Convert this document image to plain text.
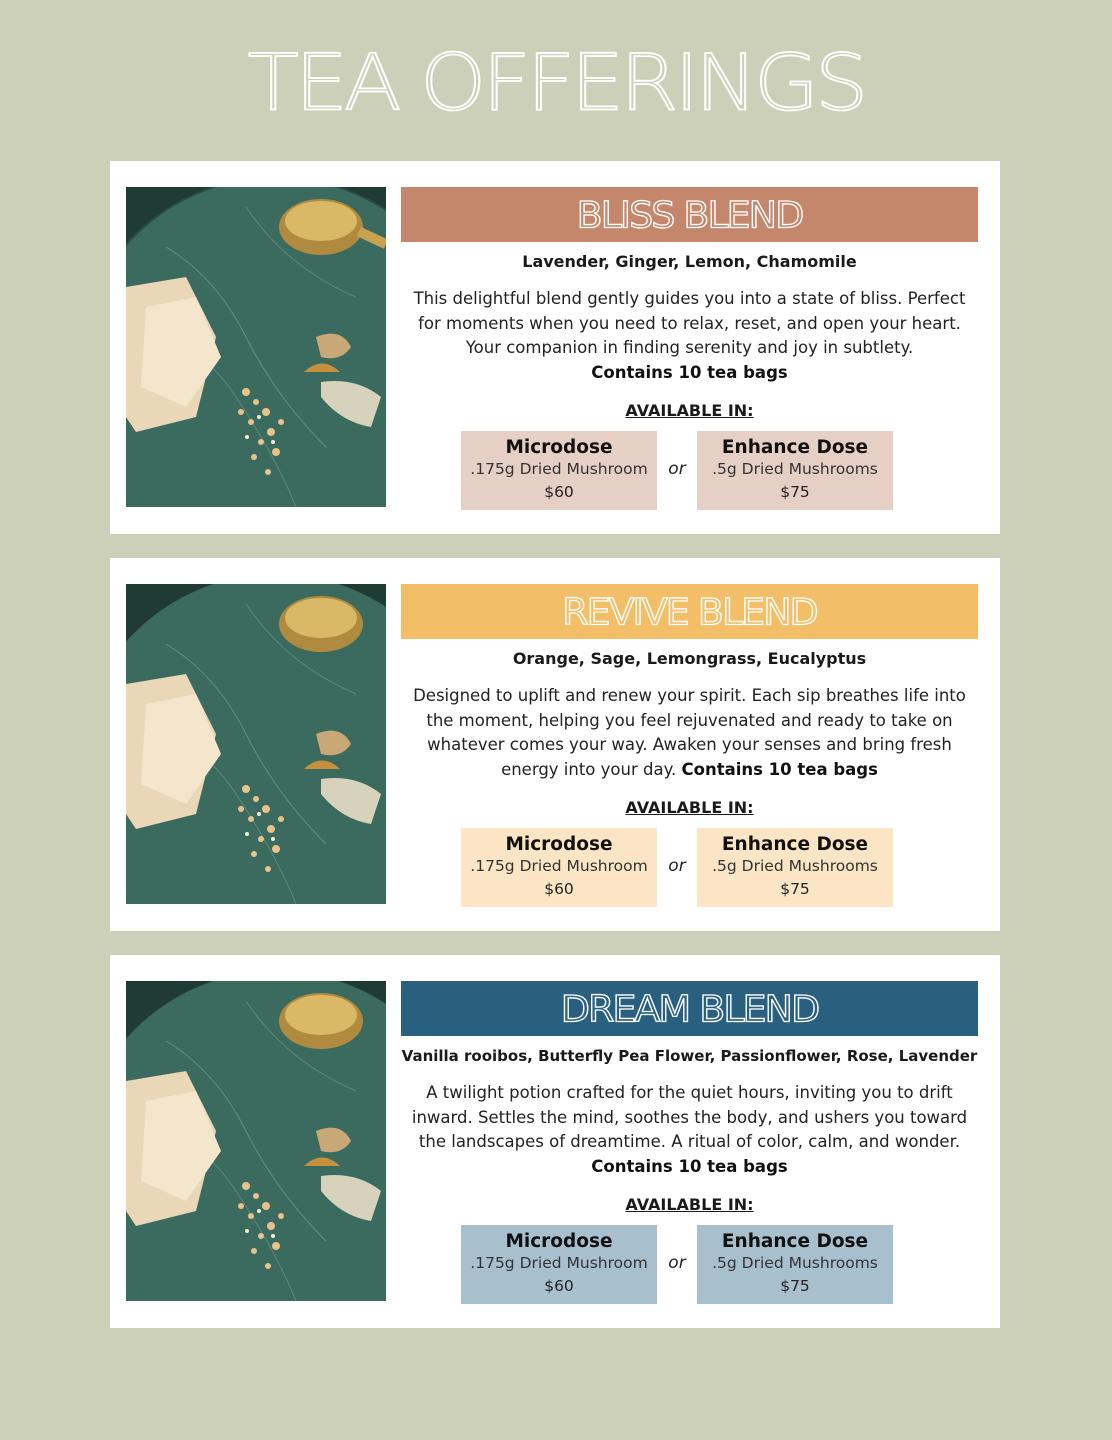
TEA OFFERINGS
BLISS BLEND
Lavender, Ginger, Lemon, Chamomile
This delightful blend gently guides you into a state of bliss. Perfect for moments when you need to relax, reset, and open your heart. Your companion in finding serenity and joy in subtlety.
Contains 10 tea bags
AVAILABLE IN:
Microdose
.175g Dried Mushroom
$60
or
Enhance Dose
.5g Dried Mushrooms
$75
REVIVE BLEND
Orange, Sage, Lemongrass, Eucalyptus
Designed to uplift and renew your spirit. Each sip breathes life into the moment, helping you feel rejuvenated and ready to take on whatever comes your way. Awaken your senses and bring fresh energy into your day. Contains 10 tea bags
AVAILABLE IN:
Microdose
.175g Dried Mushroom
$60
or
Enhance Dose
.5g Dried Mushrooms
$75
DREAM BLEND
Vanilla rooibos, Butterfly Pea Flower, Passionflower, Rose, Lavender
A twilight potion crafted for the quiet hours, inviting you to drift inward. Settles the mind, soothes the body, and ushers you toward the landscapes of dreamtime. A ritual of color, calm, and wonder.
Contains 10 tea bags
AVAILABLE IN:
Microdose
.175g Dried Mushroom
$60
or
Enhance Dose
.5g Dried Mushrooms
$75
